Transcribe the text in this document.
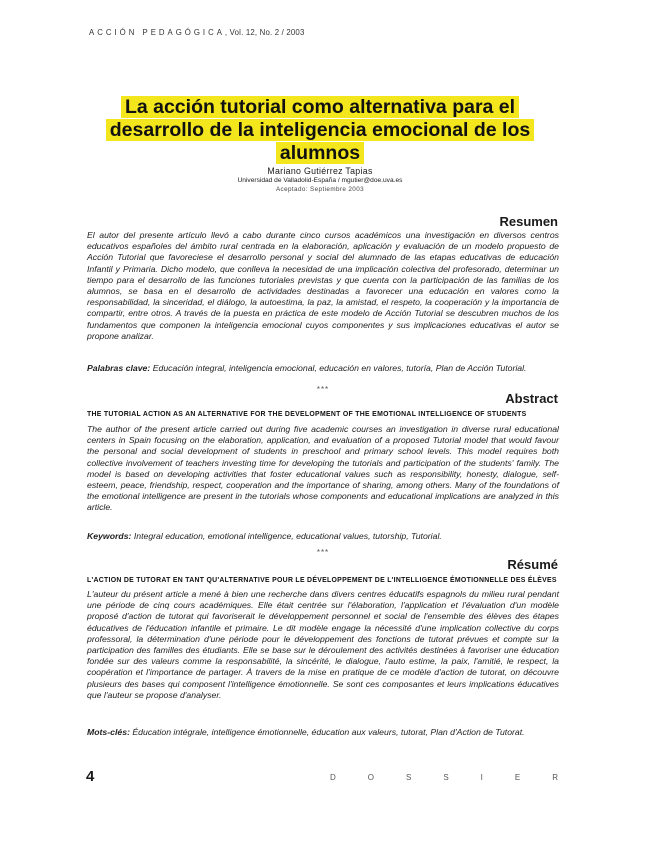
ACCIÓN PEDAGÓGICA, Vol. 12, No. 2 / 2003
La acción tutorial como alternativa para el desarrollo de la inteligencia emocional de los alumnos
Mariano Gutiérrez Tapias
Universidad de Valladolid-España / mgutier@doe.uva.es
Aceptado: Septiembre 2003
Resumen
El autor del presente artículo llevó a cabo durante cinco cursos académicos una investigación en diversos centros educativos españoles del ámbito rural centrada en la elaboración, aplicación y evaluación de un modelo propuesto de Acción Tutorial que favoreciese el desarrollo personal y social del alumnado de las etapas educativas de educación Infantil y Primaria. Dicho modelo, que conlleva la necesidad de una implicación colectiva del profesorado, determinar un tiempo para el desarrollo de las funciones tutoriales previstas y que cuenta con la participación de las familias de los alumnos, se basa en el desarrollo de actividades destinadas a favorecer una educación en valores como la responsabilidad, la sinceridad, el diálogo, la autoestima, la paz, la amistad, el respeto, la cooperación y la importancia de compartir, entre otros. A través de la puesta en práctica de este modelo de Acción Tutorial se descubren muchos de los fundamentos que componen la inteligencia emocional cuyos componentes y sus implicaciones educativas el autor se propone analizar.
Palabras clave: Educación integral, inteligencia emocional, educación en valores, tutoría, Plan de Acción Tutorial.
***
Abstract
THE TUTORIAL ACTION AS AN ALTERNATIVE FOR THE DEVELOPMENT OF THE EMOTIONAL INTELLIGENCE OF STUDENTS
The author of the present article carried out during five academic courses an investigation in diverse rural educational centers in Spain focusing on the elaboration, application, and evaluation of a proposed Tutorial model that would favour the personal and social development of students in preschool and primary school levels. This model requires both collective involvement of teachers investing time for developing the tutorials and participation of the students' family. The model is based on developing activities that foster educational values such as responsibility, honesty, dialogue, self-esteem, peace, friendship, respect, cooperation and the importance of sharing, among others. Many of the foundations of the emotional intelligence are present in the tutorials whose components and educational implications are analyzed in this article.
Keywords: Integral education, emotional intelligence, educational values, tutorship, Tutorial.
***
Résumé
L'ACTION DE TUTORAT EN TANT QU'ALTERNATIVE POUR LE DÉVELOPPEMENT DE L'INTELLIGENCE ÉMOTIONNELLE DES ÉLÈVES
L'auteur du présent article a mené à bien une recherche dans divers centres éducatifs espagnols du milieu rural pendant une période de cinq cours académiques. Elle était centrée sur l'élaboration, l'application et l'évaluation d'un modèle proposé d'action de tutorat qui favoriserait le développement personnel et social de l'ensemble des élèves des étapes éducatives de l'éducation infantile et primaire. Le dit modèle engage la nécessité d'une implication collective du corps professoral, la détermination d'une période pour le développement des fonctions de tutorat prévues et compte sur la participation des familles des étudiants. Elle se base sur le déroulement des activités destinées à favoriser une éducation fondée sur des valeurs comme la responsabilité, la sincérité, le dialogue, l'auto estime, la paix, l'amitié, le respect, la coopération et l'importance de partager. À travers de la mise en pratique de ce modèle d'action de tutorat, on découvre plusieurs des bases qui composent l'intelligence émotionnelle. Se sont ces composantes et leurs implications éducatives que l'auteur se propose d'analyser.
Mots-clés: Éducation intégrale, intelligence émotionnelle, éducation aux valeurs, tutorat, Plan d'Action de Tutorat.
4	D	O	S	S	I	E	R
